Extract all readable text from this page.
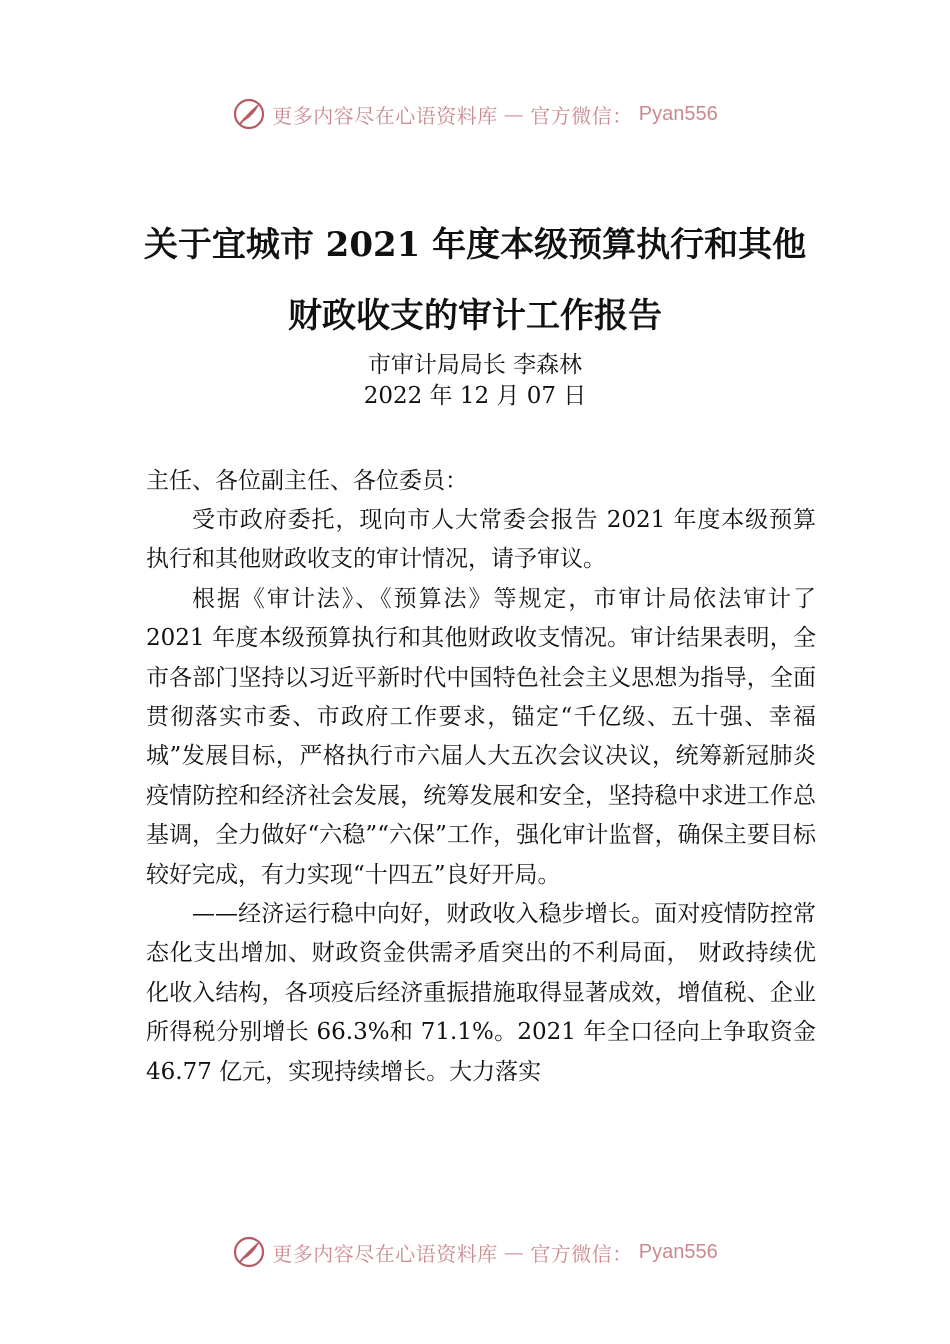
更多内容尽在心语资料库 — 官方微信： Pyan556
关于宜城市 2021 年度本级预算执行和其他
财政收支的审计工作报告
市审计局局长 李森林
2022 年 12 月 07 日
主任、各位副主任、各位委员：

受市政府委托，现向市人大常委会报告 2021 年度本级预算执行和其他财政收支的审计情况，请予审议。

根据《审计法》、《预算法》等规定，市审计局依法审计了 2021 年度本级预算执行和其他财政收支情况。审计结果表明，全市各部门坚持以习近平新时代中国特色社会主义思想为指导，全面贯彻落实市委、市政府工作要求，锚定“千亿级、五十强、幸福城”发展目标，严格执行市六届人大五次会议决议，统筹新冠肺炎疫情防控和经济社会发展，统筹发展和安全，坚持稳中求进工作总基调，全力做好“六稳”“六保”工作，强化审计监督，确保主要目标较好完成，有力实现“十四五”良好开局。

——经济运行稳中向好，财政收入稳步增长。面对疫情防控常态化支出增加、财政资金供需矛盾突出的不利局面， 财政持续优化收入结构，各项疫后经济重振措施取得显著成效，增值税、企业所得税分别增长 66.3%和 71.1%。2021 年全口径向上争取资金 46.77 亿元，实现持续增长。大力落实

更多内容尽在心语资料库 — 官方微信： Pyan556
